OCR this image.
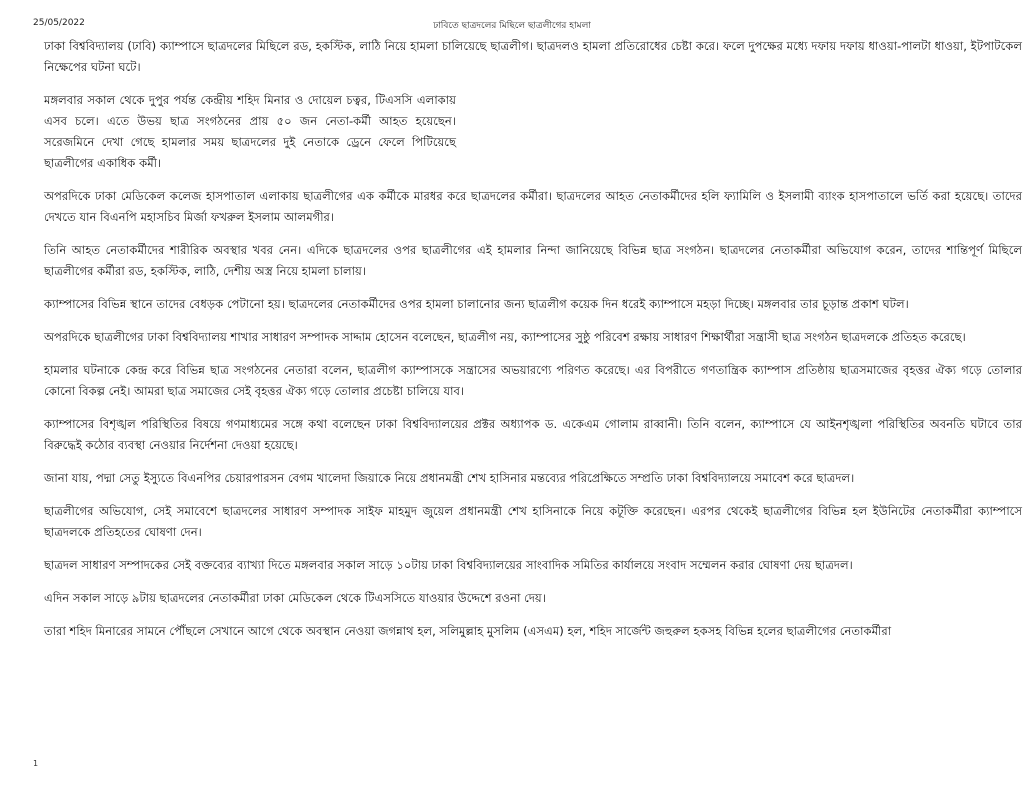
25/05/2022	ঢাবিতে ছাত্রদলের মিছিলে ছাত্রলীগের হামলা
1

ঢাকা বিশ্ববিদ্যালয় (ঢাবি) ক্যাম্পাসে ছাত্রদলের মিছিলে রড, হকস্টিক, লাঠি নিয়ে হামলা চালিয়েছে ছাত্রলীগ। ছাত্রদলও হামলা প্রতিরোধের চেষ্টা করে। ফলে দুপক্ষের মধ্যে দফায় দফায় ধাওয়া-পালটা ধাওয়া, ইটপাটকেল নিক্ষেপের ঘটনা ঘটে।

মঙ্গলবার সকাল থেকে দুপুর পর্যন্ত কেন্দ্রীয় শহিদ মিনার ও দোয়েল চত্বর, টিএসসি এলাকায় এসব চলে। এতে উভয় ছাত্র সংগঠনের প্রায় ৫০ জন নেতা-কর্মী আহত হয়েছেন। সরেজমিনে দেখা গেছে হামলার সময় ছাত্রদলের দুই নেতাকে ড্রেনে ফেলে পিটিয়েছে ছাত্রলীগের একাধিক কর্মী।

অপরদিকে ঢাকা মেডিকেল কলেজ হাসপাতাল এলাকায় ছাত্রলীগের এক কর্মীকে মারধর করে ছাত্রদলের কর্মীরা। ছাত্রদলের আহত নেতাকর্মীদের হলি ফ্যামিলি ও ইসলামী ব্যাংক হাসপাতালে ভর্তি করা হয়েছে। তাদের দেখতে যান বিএনপি মহাসচিব মির্জা ফখরুল ইসলাম আলমগীর।

তিনি আহত নেতাকর্মীদের শারীরিক অবস্থার খবর নেন। এদিকে ছাত্রদলের ওপর ছাত্রলীগের এই হামলার নিন্দা জানিয়েছে বিভিন্ন ছাত্র সংগঠন। ছাত্রদলের নেতাকর্মীরা অভিযোগ করেন, তাদের শান্তিপূর্ণ মিছিলে ছাত্রলীগের কর্মীরা রড, হকস্টিক, লাঠি, দেশীয় অস্ত্র নিয়ে হামলা চালায়।

ক্যাম্পাসের বিভিন্ন স্থানে তাদের বেধড়ক পেটানো হয়। ছাত্রদলের নেতাকর্মীদের ওপর হামলা চালানোর জন্য ছাত্রলীগ কয়েক দিন ধরেই ক্যাম্পাসে মহড়া দিচ্ছে। মঙ্গলবার তার চূড়ান্ত প্রকাশ ঘটল।

অপরদিকে ছাত্রলীগের ঢাকা বিশ্ববিদ্যালয় শাখার সাধারণ সম্পাদক সাদ্দাম হোসেন বলেছেন, ছাত্রলীগ নয়, ক্যাম্পাসের সুষ্ঠু পরিবেশ রক্ষায় সাধারণ শিক্ষার্থীরা সন্ত্রাসী ছাত্র সংগঠন ছাত্রদলকে প্রতিহত করেছে।

হামলার ঘটনাকে কেন্দ্র করে বিভিন্ন ছাত্র সংগঠনের নেতারা বলেন, ছাত্রলীগ ক্যাম্পাসকে সন্ত্রাসের অভয়ারণ্যে পরিণত করেছে। এর বিপরীতে গণতান্ত্রিক ক্যাম্পাস প্রতিষ্ঠায় ছাত্রসমাজের বৃহত্তর ঐক্য গড়ে তোলার কোনো বিকল্প নেই। আমরা ছাত্র সমাজের সেই বৃহত্তর ঐক্য গড়ে তোলার প্রচেষ্টা চালিয়ে যাব।

ক্যাম্পাসের বিশৃঙ্খল পরিস্থিতির বিষয়ে গণমাধ্যমের সঙ্গে কথা বলেছেন ঢাকা বিশ্ববিদ্যালয়ের প্রক্টর অধ্যাপক ড. একেএম গোলাম রাব্বানী। তিনি বলেন, ক্যাম্পাসে যে আইনশৃঙ্খলা পরিস্থিতির অবনতি ঘটাবে তার বিরুদ্ধেই কঠোর ব্যবস্থা নেওয়ার নির্দেশনা দেওয়া হয়েছে।

জানা যায়, পদ্মা সেতু ইস্যুতে বিএনপির চেয়ারপারসন বেগম খালেদা জিয়াকে নিয়ে প্রধানমন্ত্রী শেখ হাসিনার মন্তব্যের পরিপ্রেক্ষিতে সম্প্রতি ঢাকা বিশ্ববিদ্যালয়ে সমাবেশ করে ছাত্রদল।

ছাত্রলীগের অভিযোগ, সেই সমাবেশে ছাত্রদলের সাধারণ সম্পাদক সাইফ মাহমুদ জুয়েল প্রধানমন্ত্রী শেখ হাসিনাকে নিয়ে কটূক্তি করেছেন। এরপর থেকেই ছাত্রলীগের বিভিন্ন হল ইউনিটের নেতাকর্মীরা ক্যাম্পাসে ছাত্রদলকে প্রতিহতের ঘোষণা দেন।

ছাত্রদল সাধারণ সম্পাদকের সেই বক্তব্যের ব্যাখ্যা দিতে মঙ্গলবার সকাল সাড়ে ১০টায় ঢাকা বিশ্ববিদ্যালয়ের সাংবাদিক সমিতির কার্যালয়ে সংবাদ সম্মেলন করার ঘোষণা দেয় ছাত্রদল।

এদিন সকাল সাড়ে ৯টায় ছাত্রদলের নেতাকর্মীরা ঢাকা মেডিকেল থেকে টিএসসিতে যাওয়ার উদ্দেশে রওনা দেয়।

তারা শহিদ মিনারের সামনে পৌঁছলে সেখানে আগে থেকে অবস্থান নেওয়া জগন্নাথ হল, সলিমুল্লাহ মুসলিম (এসএম) হল, শহিদ সার্জেন্ট জহুরুল হকসহ বিভিন্ন হলের ছাত্রলীগের নেতাকর্মীরা
